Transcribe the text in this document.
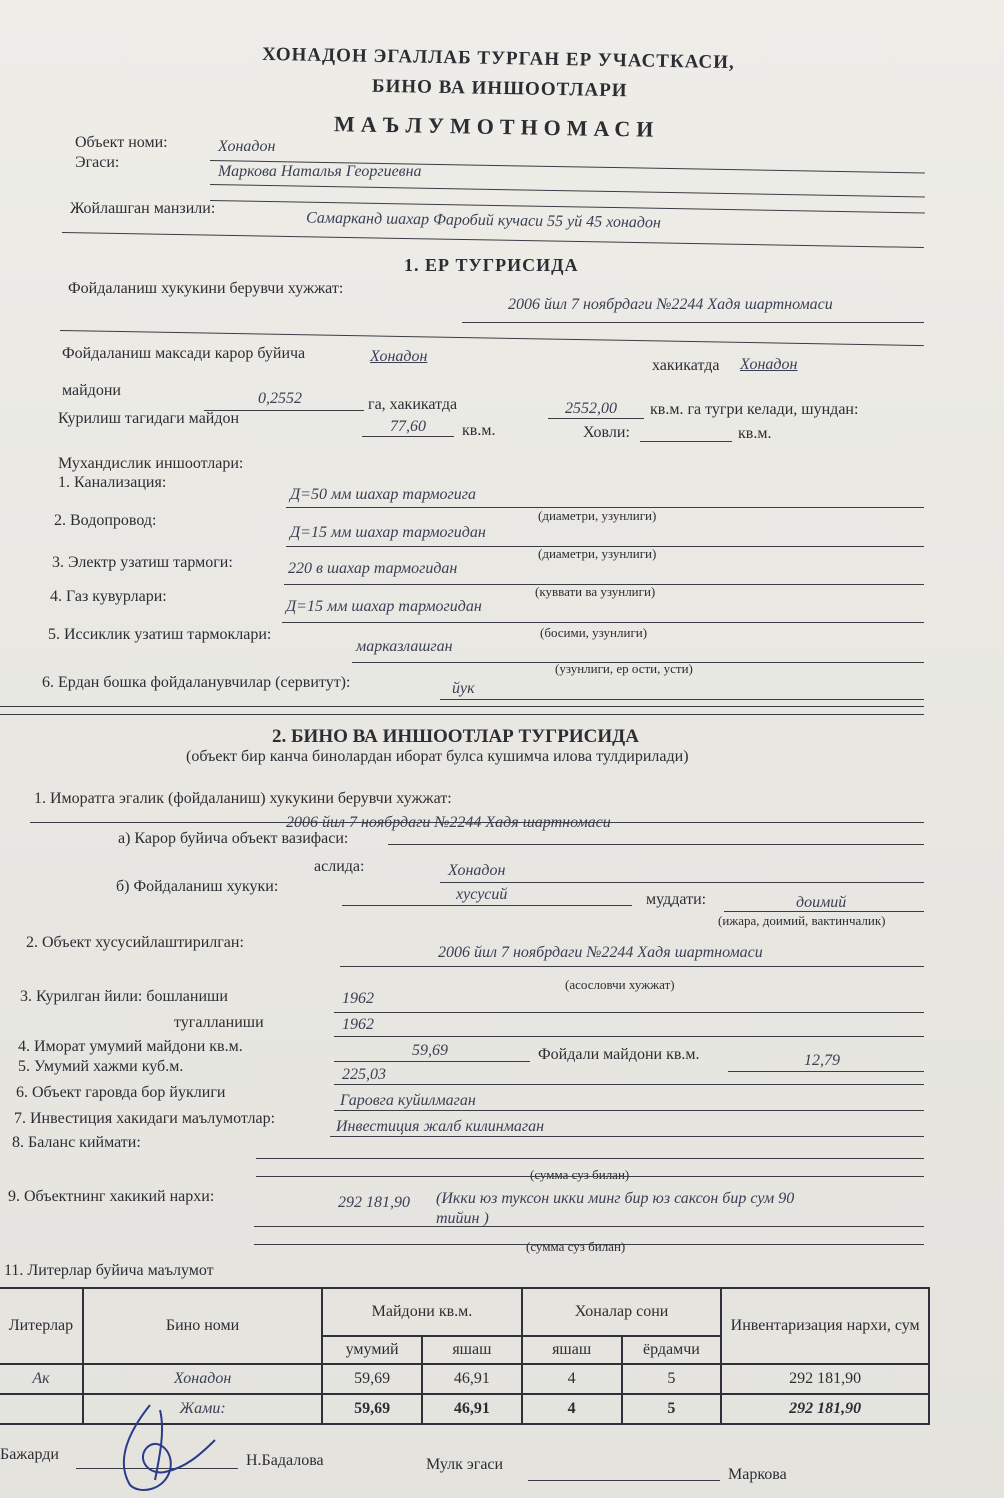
ХОНАДОН ЭГАЛЛАБ ТУРГАН ЕР УЧАСТКАСИ,
БИНО ВА ИНШООТЛАРИ
МАЪЛУМОТНОМАСИ
Объект номи:	Хонадон
Эгаси:
Маркова Наталья Георгиевна
Жойлашган манзили:
Самарканд шахар Фаробий кучаси 55 уй 45 хонадон
1. ЕР ТУГРИСИДА
Фойдаланиш хукукини берувчи хужжат:
2006 йил 7 ноябрдаги №2244 Хадя шартномаси
Фойдаланиш максади карор буйича	Хонадон
хакикатда Хонадон
майдони	0,2552	га, хакикатда	2552,00 кв.м. га тугри келади, шундан:
Курилиш тагидаги майдон	77,60 кв.м.	Ховли:	кв.м.
Мухандислик иншоотлари:
1. Канализация:
Д=50 мм шахар тармогига
(диаметри, узунлиги)
2. Водопровод:
Д=15 мм шахар тармогидан
(диаметри, узунлиги)
3. Электр узатиш тармоги:	220 в шахар тармогидан
(куввати ва узунлиги)
4. Газ кувурлари:
Д=15 мм шахар тармогидан
(босими, узунлиги)
5. Иссиклик узатиш тармоклари:
марказлашган
(узунлиги, ер ости, усти)
6. Ердан бошка фойдаланувчилар (сервитут):	йук
2. БИНО ВА ИНШООТЛАР ТУГРИСИДА
(объект бир канча бинолардан иборат булса кушимча илова тулдирилади)
1. Иморатга эгалик (фойдаланиш) хукукини берувчи хужжат:
2006 йил 7 ноябрдаги №2244 Хадя шартномаси
а) Карор буйича объект вазифаси:
аслида:	Хонадон
б) Фойдаланиш хукуки:	хусусий	муддати:	доимий
(ижара, доимий, вактинчалик)
2. Объект хусусийлаштирилган:
2006 йил 7 ноябрдаги №2244 Хадя шартномаси
(асословчи хужжат)
3. Курилган йили: бошланиши	1962
тугалланиши	1962
4. Иморат умумий майдони кв.м.	59,69	Фойдали майдони кв.м.	12,79
5. Умумий хажми куб.м.	225,03
6. Объект гаровда бор йуклиги	Гаровга куйилмаган
7. Инвестиция хакидаги маълумотлар:	Инвестиция жалб килинмаган
8. Баланс киймати:
(сумма суз билан)
9. Объектнинг хакикий нархи:	292 181,90 (Икки юз туксон икки минг бир юз саксон бир сум 90
тийин )
(сумма суз билан)
11. Литерлар буйича маълумот
Литерлар	Бино номи	Майдони кв.м.		Хоналар сони		Инвентаризация нархи, сум
		умумий	яшаш	яшаш	ёрдамчи	
Ак	Хонадон	59,69	46,91	4	5	292 181,90
	Жами:	59,69	46,91	4	5	292 181,90
Бажарди	Н.Бадалова	Мулк эгаси
Маркова
